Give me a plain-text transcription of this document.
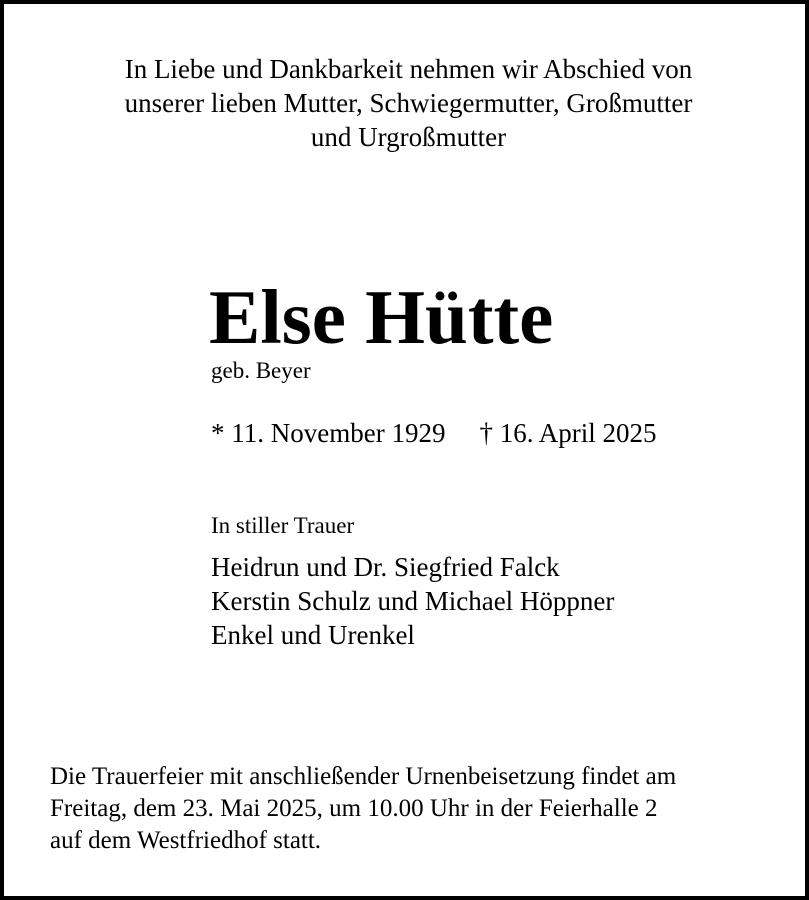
In Liebe und Dankbarkeit nehmen wir Abschied von
unserer lieben Mutter, Schwiegermutter, Großmutter
und Urgroßmutter
Else Hütte
geb. Beyer
* 11. November 1929 † 16. April 2025
In stiller Trauer
Heidrun und Dr. Siegfried Falck
Kerstin Schulz und Michael Höppner
Enkel und Urenkel
Die Trauerfeier mit anschließender Urnenbeisetzung findet am
Freitag, dem 23. Mai 2025, um 10.00 Uhr in der Feierhalle 2
auf dem Westfriedhof statt.
